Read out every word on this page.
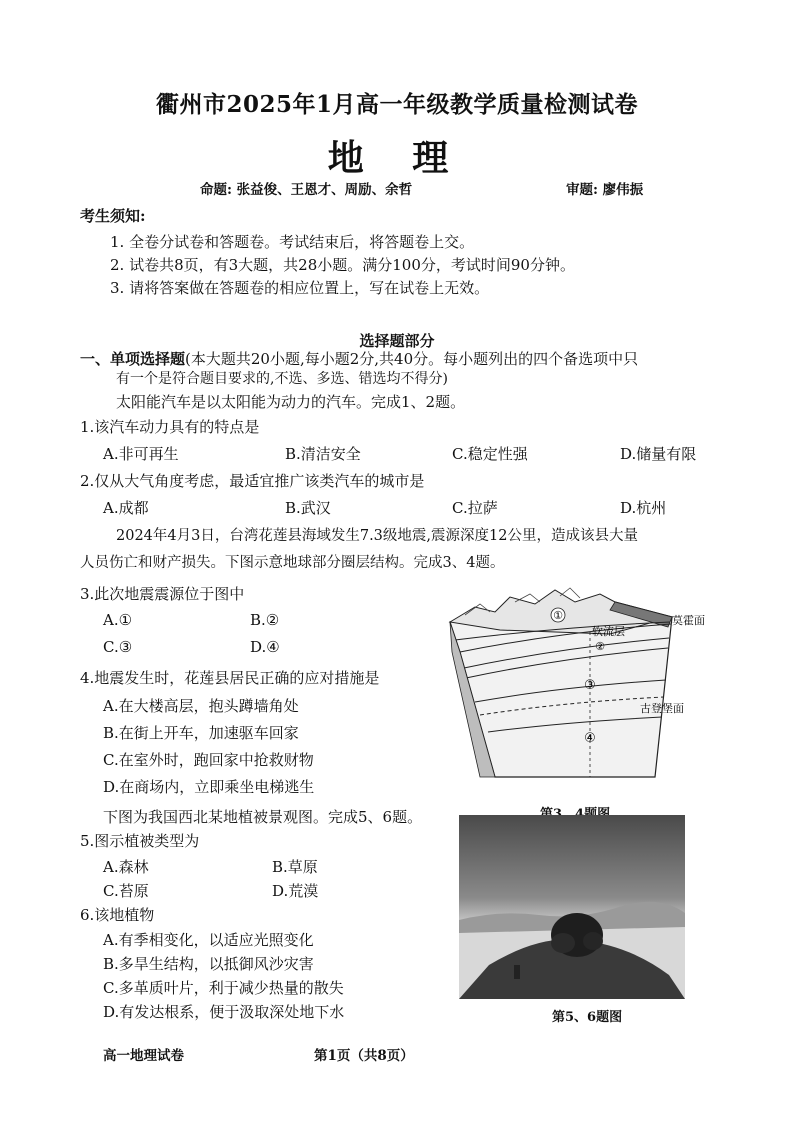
衢州市2025年1月高一年级教学质量检测试卷
地 理
命题: 张益俊、王恩才、周励、余哲	审题: 廖伟振
考生须知:
1. 全卷分试卷和答题卷。考试结束后，将答题卷上交。
2. 试卷共8页，有3大题，共28小题。满分100分，考试时间90分钟。
3. 请将答案做在答题卷的相应位置上，写在试卷上无效。
选择题部分
一、单项选择题(本大题共20小题,每小题2分,共40分。每小题列出的四个备选项中只
有一个是符合题目要求的,不选、多选、错选均不得分)
太阳能汽车是以太阳能为动力的汽车。完成1、2题。
1.该汽车动力具有的特点是
A.非可再生	B.清洁安全	C.稳定性强	D.储量有限
2.仅从大气角度考虑，最适宜推广该类汽车的城市是
A.成都	B.武汉	C.拉萨	D.杭州
2024年4月3日，台湾花莲县海域发生7.3级地震,震源深度12公里，造成该县大量
人员伤亡和财产损失。下图示意地球部分圈层结构。完成3、4题。
3.此次地震震源位于图中
A.①	B.②
C.③	D.④
4.地震发生时，花莲县居民正确的应对措施是
A.在大楼高层，抱头蹲墙角处
B.在街上开车，加速驱车回家
C.在室外时，跑回家中抢救财物
D.在商场内，立即乘坐电梯逃生
①
②
③
④
软流层
莫霍面
古登堡面
下图为我国西北某地植被景观图。完成5、6题。
5.图示植被类型为
A.森林	B.草原
C.苔原	D.荒漠
6.该地植物
A.有季相变化，以适应光照变化
B.多旱生结构，以抵御风沙灾害
C.多革质叶片，利于减少热量的散失
D.有发达根系，便于汲取深处地下水	第5、6题图
高一地理试卷	第1页（共8页）
